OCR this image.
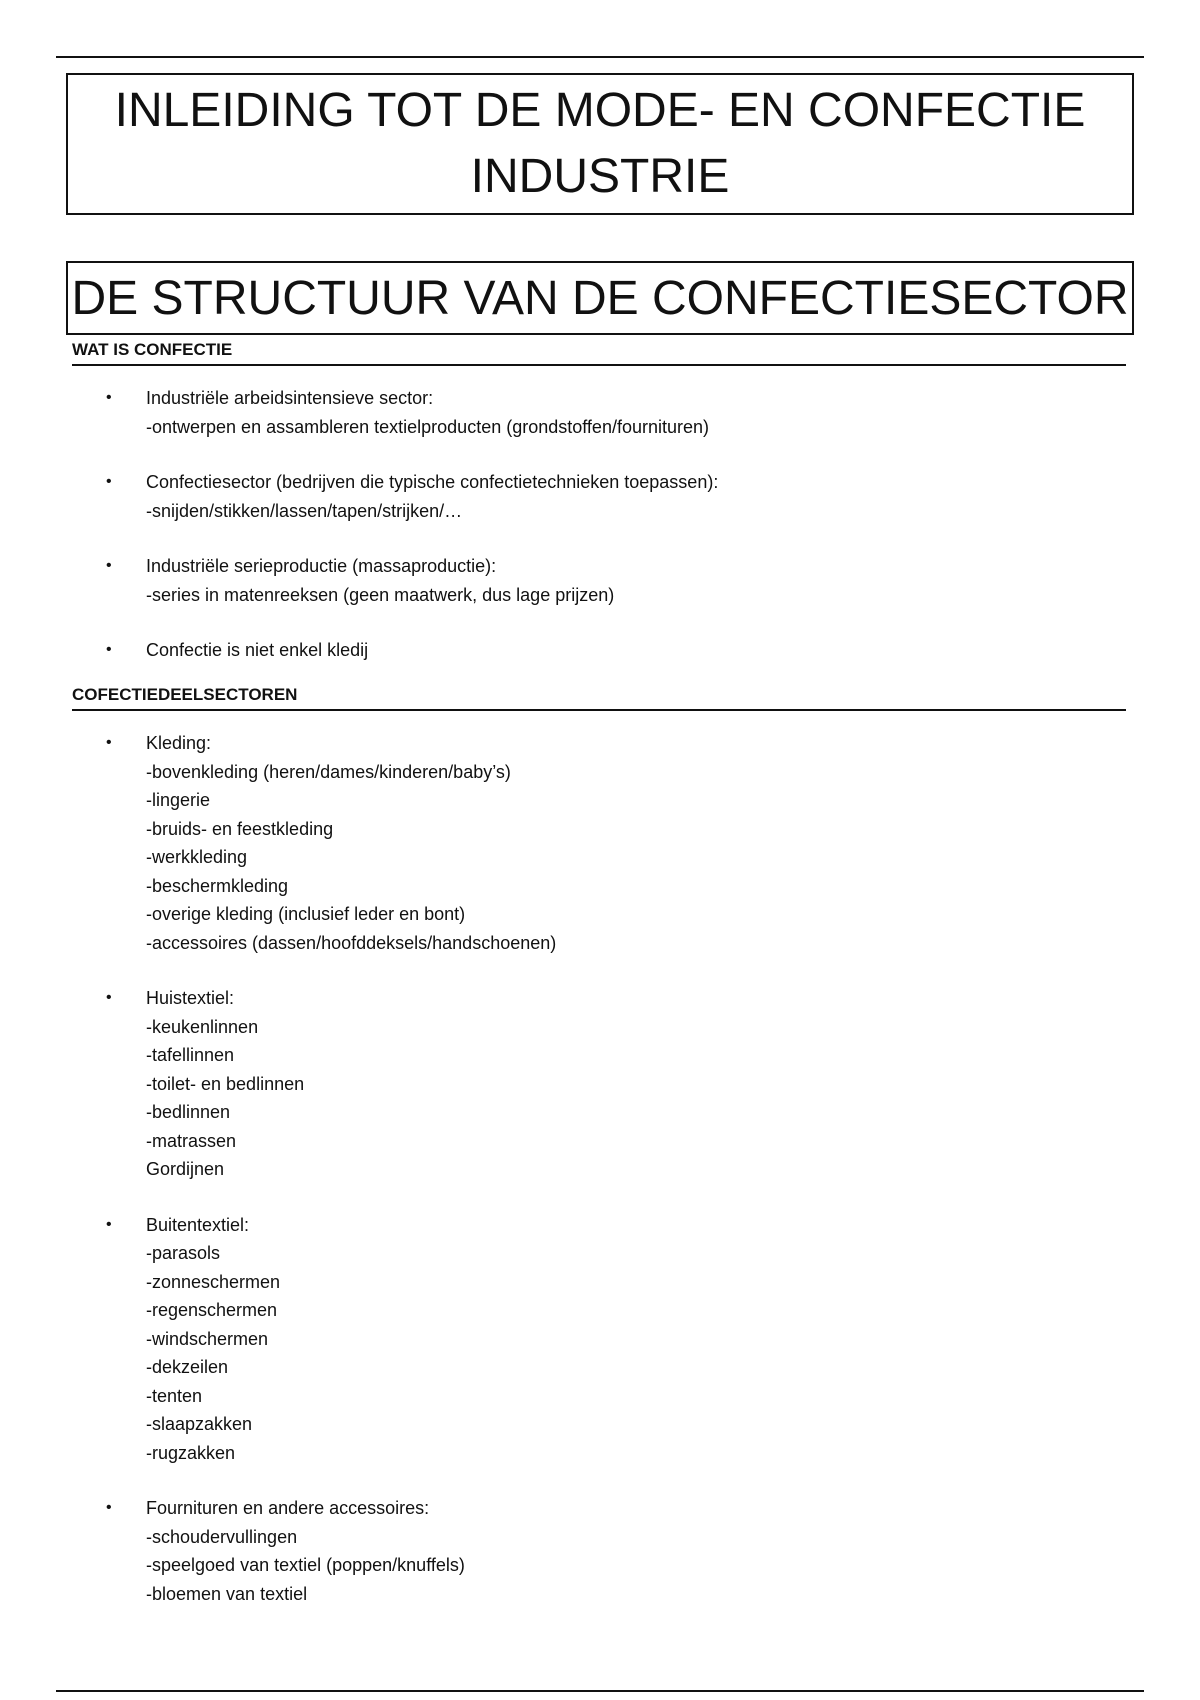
INLEIDING TOT DE MODE- EN CONFECTIE
INDUSTRIE
DE STRUCTUUR VAN DE CONFECTIESECTOR
WAT IS CONFECTIE
•	Industriële arbeidsintensieve sector:
-ontwerpen en assambleren textielproducten (grondstoffen/fournituren)
•	Confectiesector (bedrijven die typische confectietechnieken toepassen):
-snijden/stikken/lassen/tapen/strijken/…
•	Industriële serieproductie (massaproductie):
-series in matenreeksen (geen maatwerk, dus lage prijzen)
•	Confectie is niet enkel kledij
COFECTIEDEELSECTOREN
•	Kleding:
-bovenkleding (heren/dames/kinderen/baby’s)
-lingerie
-bruids- en feestkleding
-werkkleding
-beschermkleding
-overige kleding (inclusief leder en bont)
-accessoires (dassen/hoofddeksels/handschoenen)
•	Huistextiel:
-keukenlinnen
-tafellinnen
-toilet- en bedlinnen
-bedlinnen
-matrassen
Gordijnen
•	Buitentextiel:
-parasols
-zonneschermen
-regenschermen
-windschermen
-dekzeilen
-tenten
-slaapzakken
-rugzakken
•	Fournituren en andere accessoires:
-schoudervullingen
-speelgoed van textiel (poppen/knuffels)
-bloemen van textiel
